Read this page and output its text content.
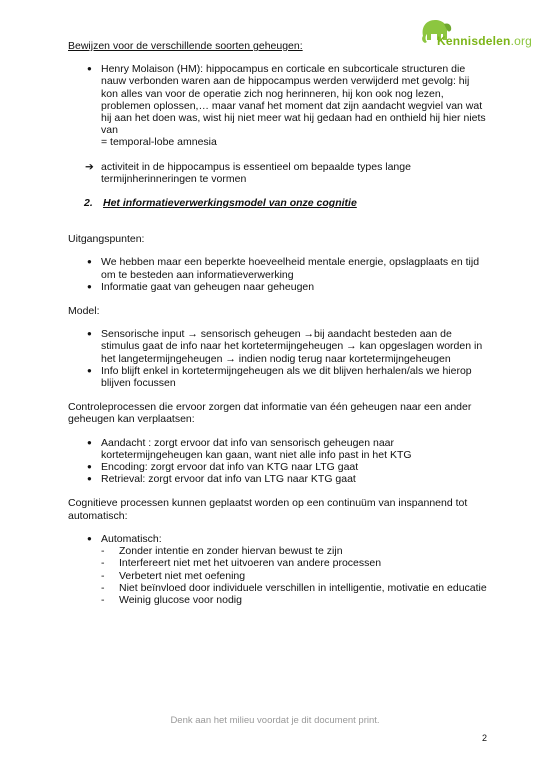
Kennisdelen.org

Bewijzen voor de verschillende soorten geheugen:

● Henry Molaison (HM): hippocampus en corticale en subcorticale structuren die nauw verbonden waren aan de hippocampus werden verwijderd met gevolg: hij kon alles van voor de operatie zich nog herinneren, hij kon ook nog lezen, problemen oplossen,… maar vanaf het moment dat zijn aandacht wegviel van wat hij aan het doen was, wist hij niet meer wat hij gedaan had en onthield hij hier niets van
= temporal-lobe amnesia
➔ activiteit in de hippocampus is essentieel om bepaalde types lange termijnherinneringen te vormen
2. Het informatieverwerkingsmodel van onze cognitie

Uitgangspunten:

● We hebben maar een beperkte hoeveelheid mentale energie, opslagplaats en tijd om te besteden aan informatieverwerking
● Informatie gaat van geheugen naar geheugen

Model:

● Sensorische input → sensorisch geheugen →bij aandacht besteden aan de stimulus gaat de info naar het kortetermijngeheugen → kan opgeslagen worden in het langetermijngeheugen → indien nodig terug naar kortetermijngeheugen
● Info blijft enkel in kortetermijngeheugen als we dit blijven herhalen/als we hierop blijven focussen

Controleprocessen die ervoor zorgen dat informatie van één geheugen naar een ander geheugen kan verplaatsen:

● Aandacht : zorgt ervoor dat info van sensorisch geheugen naar kortetermijngeheugen kan gaan, want niet alle info past in het KTG
● Encoding: zorgt ervoor dat info van KTG naar LTG gaat
● Retrieval: zorgt ervoor dat info van LTG naar KTG gaat

Cognitieve processen kunnen geplaatst worden op een continuüm van inspannend tot automatisch:

● Automatisch:
- Zonder intentie en zonder hiervan bewust te zijn
- Interfereert niet met het uitvoeren van andere processen
- Verbetert niet met oefening
- Niet beïnvloed door individuele verschillen in intelligentie, motivatie en educatie
- Weinig glucose voor nodig
Denk aan het milieu voordat je dit document print.
2
